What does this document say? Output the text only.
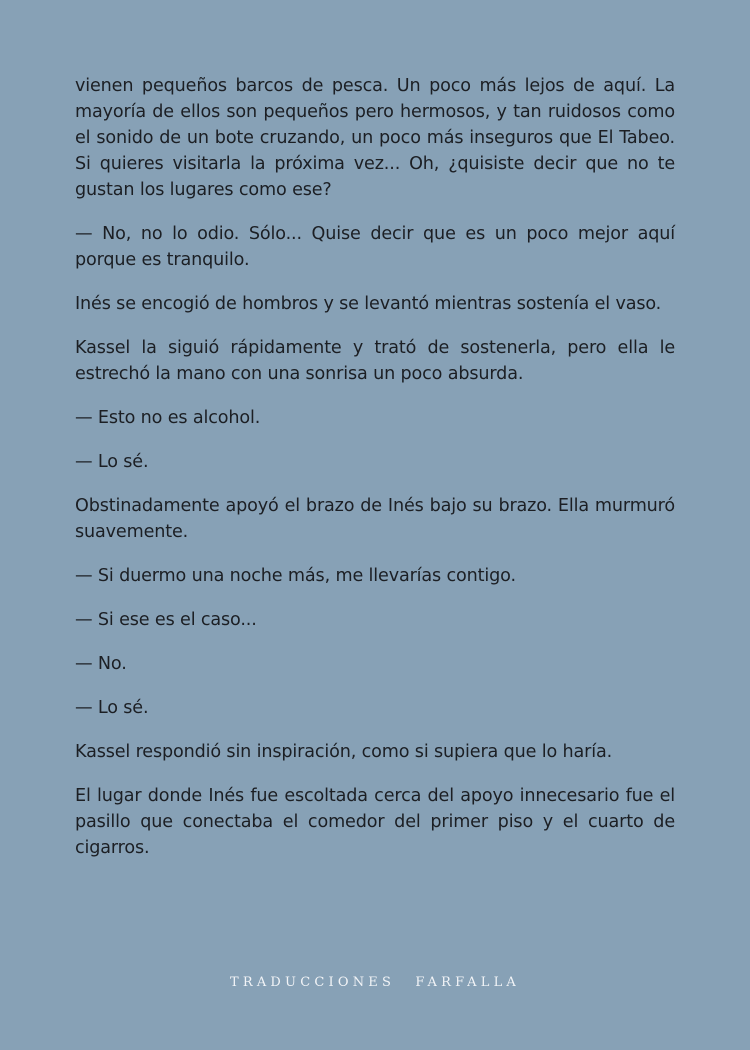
vienen pequeños barcos de pesca. Un poco más lejos de aquí. La mayoría de ellos son pequeños pero hermosos, y tan ruidosos como el sonido de un bote cruzando, un poco más inseguros que El Tabeo. Si quieres visitarla la próxima vez... Oh, ¿quisiste decir que no te gustan los lugares como ese?

— No, no lo odio. Sólo... Quise decir que es un poco mejor aquí porque es tranquilo.

Inés se encogió de hombros y se levantó mientras sostenía el vaso.

Kassel la siguió rápidamente y trató de sostenerla, pero ella le estrechó la mano con una sonrisa un poco absurda.

— Esto no es alcohol.

— Lo sé.

Obstinadamente apoyó el brazo de Inés bajo su brazo. Ella murmuró suavemente.

— Si duermo una noche más, me llevarías contigo.

— Si ese es el caso...

— No.

— Lo sé.

Kassel respondió sin inspiración, como si supiera que lo haría.

El lugar donde Inés fue escoltada cerca del apoyo innecesario fue el pasillo que conectaba el comedor del primer piso y el cuarto de cigarros.

TRADUCCIONES FARFALLA
